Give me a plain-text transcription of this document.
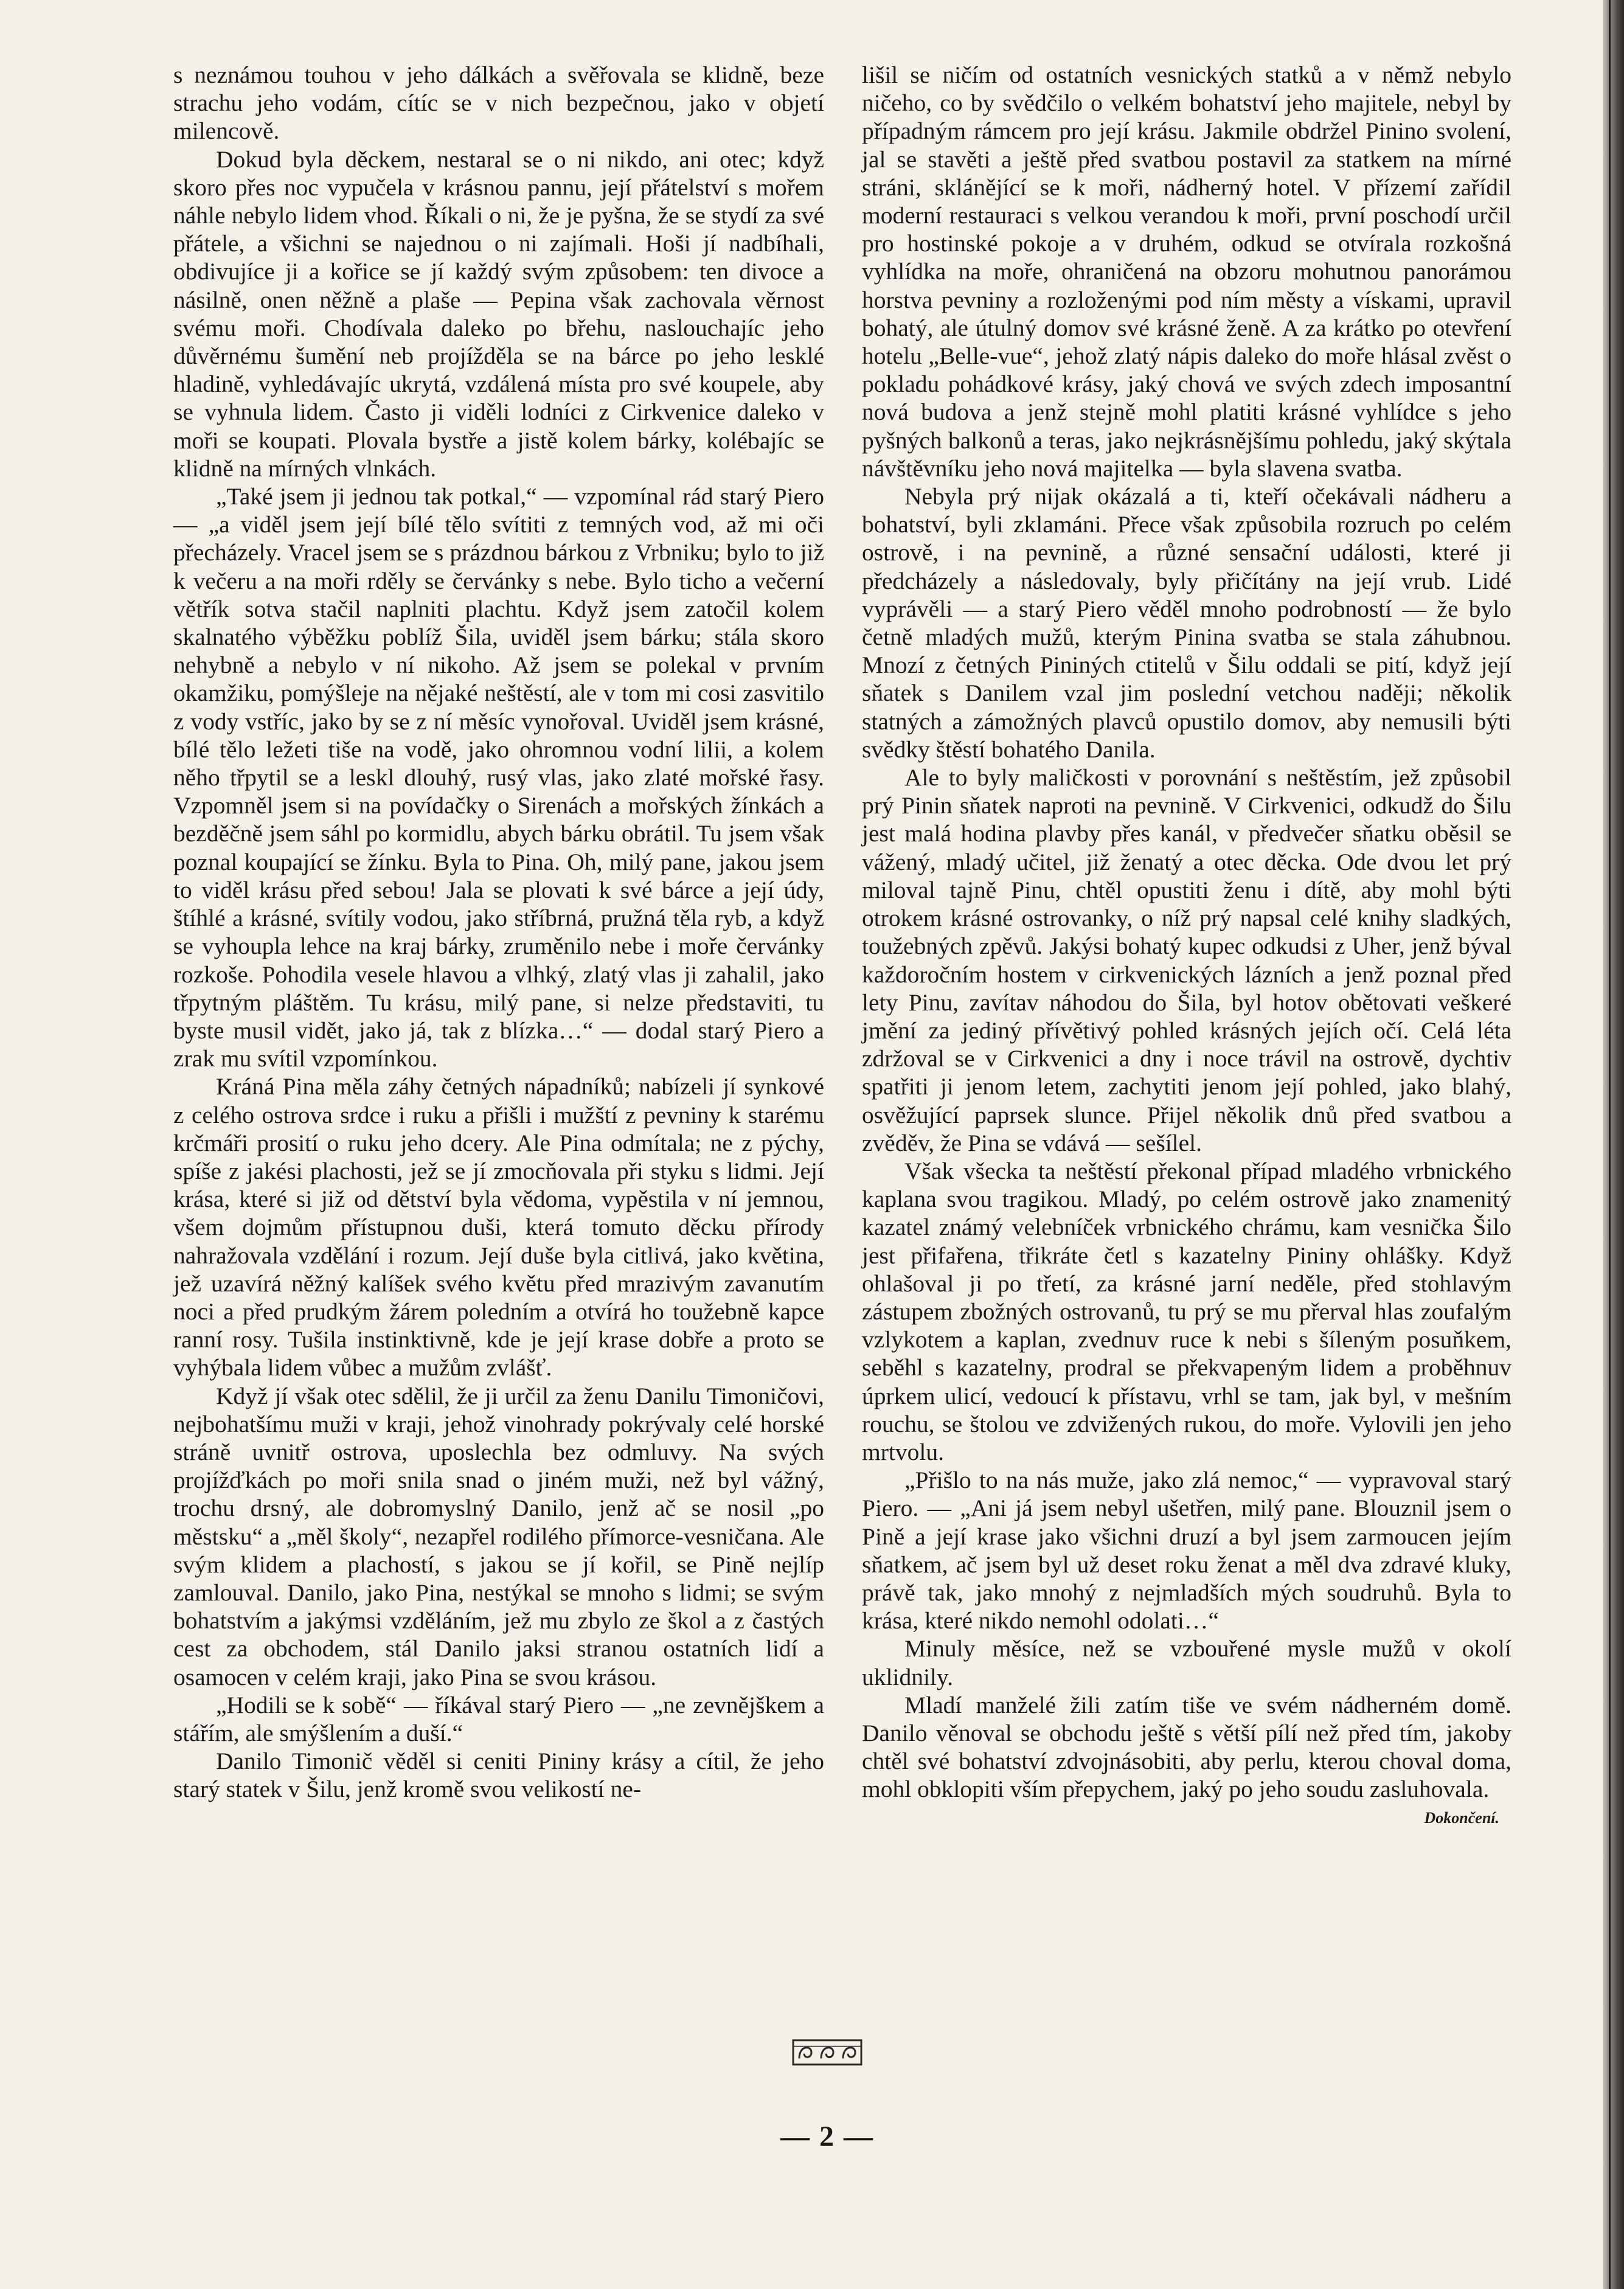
s neznámou touhou v jeho dálkách a svěřovala se klidně, beze strachu jeho vodám, cítíc se v nich bezpečnou, jako v objetí milencově.

Dokud byla děckem, nestaral se o ni nikdo, ani otec; když skoro přes noc vypučela v krásnou pannu, její přátelství s mořem náhle nebylo lidem vhod. Říkali o ni, že je pyšna, že se stydí za své přátele, a všichni se najednou o ni zajímali. Hoši jí nadbíhali, obdivujíce ji a kořice se jí každý svým způsobem: ten divoce a násilně, onen něžně a plaše — Pepina však zachovala věrnost svému moři. Chodívala daleko po břehu, naslouchajíc jeho důvěrnému šumění neb projížděla se na bárce po jeho lesklé hladině, vyhledávajíc ukrytá, vzdálená místa pro své koupele, aby se vyhnula lidem. Často ji viděli lodníci z Cirkvenice daleko v moři se koupati. Plovala bystře a jistě kolem bárky, kolébajíc se klidně na mírných vlnkách.

„Také jsem ji jednou tak potkal,“ — vzpomínal rád starý Piero — „a viděl jsem její bílé tělo svítiti z temných vod, až mi oči přecházely. Vracel jsem se s prázdnou bárkou z Vrbniku; bylo to již k večeru a na moři rděly se červánky s nebe. Bylo ticho a večerní větřík sotva stačil naplniti plachtu. Když jsem zatočil kolem skalnatého výběžku poblíž Šila, uviděl jsem bárku; stála skoro nehybně a nebylo v ní nikoho. Až jsem se polekal v prvním okamžiku, pomýšleje na nějaké neštěstí, ale v tom mi cosi zasvitilo z vody vstříc, jako by se z ní měsíc vynořoval. Uviděl jsem krásné, bílé tělo ležeti tiše na vodě, jako ohromnou vodní lilii, a kolem něho třpytil se a leskl dlouhý, rusý vlas, jako zlaté mořské řasy. Vzpomněl jsem si na povídačky o Sirenách a mořských žínkách a bezděčně jsem sáhl po kormidlu, abych bárku obrátil. Tu jsem však poznal koupající se žínku. Byla to Pina. Oh, milý pane, jakou jsem to viděl krásu před sebou! Jala se plovati k své bárce a její údy, štíhlé a krásné, svítily vodou, jako stříbrná, pružná těla ryb, a když se vyhoupla lehce na kraj bárky, zruměnilo nebe i moře červánky rozkoše. Pohodila vesele hlavou a vlhký, zlatý vlas ji zahalil, jako třpytným pláštěm. Tu krásu, milý pane, si nelze představiti, tu byste musil vidět, jako já, tak z blízka…“ — dodal starý Piero a zrak mu svítil vzpomínkou.

Kráná Pina měla záhy četných nápadníků; nabízeli jí synkové z celého ostrova srdce i ruku a přišli i mužští z pevniny k starému krčmáři prosití o ruku jeho dcery. Ale Pina odmítala; ne z pýchy, spíše z jakési plachosti, jež se jí zmocňovala při styku s lidmi. Její krása, které si již od dětství byla vědoma, vypěstila v ní jemnou, všem dojmům přístupnou duši, která tomuto děcku přírody nahražovala vzdělání i rozum. Její duše byla citlivá, jako květina, jež uzavírá něžný kalíšek svého květu před mrazivým zavanutím noci a před prudkým žárem poledním a otvírá ho toužebně kapce ranní rosy. Tušila instinktivně, kde je její krase dobře a proto se vyhýbala lidem vůbec a mužům zvlášť.

Když jí však otec sdělil, že ji určil za ženu Danilu Timoničovi, nejbohatšímu muži v kraji, jehož vinohrady pokrývaly celé horské stráně uvnitř ostrova, uposlechla bez odmluvy. Na svých projížďkách po moři snila snad o jiném muži, než byl vážný, trochu drsný, ale dobromyslný Danilo, jenž ač se nosil „po městsku“ a „měl školy“, nezapřel rodilého přímorce-vesničana. Ale svým klidem a plachostí, s jakou se jí kořil, se Pině nejlíp zamlouval. Danilo, jako Pina, nestýkal se mnoho s lidmi; se svým bohatstvím a jakýmsi vzděláním, jež mu zbylo ze škol a z častých cest za obchodem, stál Danilo jaksi stranou ostatních lidí a osamocen v celém kraji, jako Pina se svou krásou.

„Hodili se k sobě“ — říkával starý Piero — „ne zevnějškem a stářím, ale smýšlením a duší.“

Danilo Timonič věděl si ceniti Pininy krásy a cítil, že jeho starý statek v Šilu, jenž kromě svou velikostí ne-

lišil se ničím od ostatních vesnických statků a v němž nebylo ničeho, co by svědčilo o velkém bohatství jeho majitele, nebyl by případným rámcem pro její krásu. Jakmile obdržel Pinino svolení, jal se stavěti a ještě před svatbou postavil za statkem na mírné stráni, sklánějící se k moři, nádherný hotel. V přízemí zařídil moderní restauraci s velkou verandou k moři, první poschodí určil pro hostinské pokoje a v druhém, odkud se otvírala rozkošná vyhlídka na moře, ohraničená na obzoru mohutnou panorámou horstva pevniny a rozloženými pod ním městy a vískami, upravil bohatý, ale útulný domov své krásné ženě. A za krátko po otevření hotelu „Belle-vue“, jehož zlatý nápis daleko do moře hlásal zvěst o pokladu pohádkové krásy, jaký chová ve svých zdech imposantní nová budova a jenž stejně mohl platiti krásné vyhlídce s jeho pyšných balkonů a teras, jako nejkrásnějšímu pohledu, jaký skýtala návštěvníku jeho nová majitelka — byla slavena svatba.

Nebyla prý nijak okázalá a ti, kteří očekávali nádheru a bohatství, byli zklamáni. Přece však způsobila rozruch po celém ostrově, i na pevnině, a různé sensační události, které ji předcházely a následovaly, byly přičítány na její vrub. Lidé vyprávěli — a starý Piero věděl mnoho podrobností — že bylo četně mladých mužů, kterým Pinina svatba se stala záhubnou. Mnozí z četných Pininých ctitelů v Šilu oddali se pití, když její sňatek s Danilem vzal jim poslední vetchou naději; několik statných a zámožných plavců opustilo domov, aby nemusili býti svědky štěstí bohatého Danila.

Ale to byly maličkosti v porovnání s neštěstím, jež způsobil prý Pinin sňatek naproti na pevnině. V Cirkvenici, odkudž do Šilu jest malá hodina plavby přes kanál, v předvečer sňatku oběsil se vážený, mladý učitel, již ženatý a otec děcka. Ode dvou let prý miloval tajně Pinu, chtěl opustiti ženu i dítě, aby mohl býti otrokem krásné ostrovanky, o níž prý napsal celé knihy sladkých, toužebných zpěvů. Jakýsi bohatý kupec odkudsi z Uher, jenž býval každoročním hostem v cirkvenických lázních a jenž poznal před lety Pinu, zavítav náhodou do Šila, byl hotov obětovati veškeré jmění za jediný přívětivý pohled krásných jejích očí. Celá léta zdržoval se v Cirkvenici a dny i noce trávil na ostrově, dychtiv spatřiti ji jenom letem, zachytiti jenom její pohled, jako blahý, osvěžující paprsek slunce. Přijel několik dnů před svatbou a zvěděv, že Pina se vdává — sešílel.

Však všecka ta neštěstí překonal případ mladého vrbnického kaplana svou tragikou. Mladý, po celém ostrově jako znamenitý kazatel známý velebníček vrbnického chrámu, kam vesnička Šilo jest přifařena, třikráte četl s kazatelny Pininy ohlášky. Když ohlašoval ji po třetí, za krásné jarní neděle, před stohlavým zástupem zbožných ostrovanů, tu prý se mu přerval hlas zoufalým vzlykotem a kaplan, zvednuv ruce k nebi s šíleným posuňkem, seběhl s kazatelny, prodral se překvapeným lidem a proběhnuv úprkem ulicí, vedoucí k přístavu, vrhl se tam, jak byl, v mešním rouchu, se štolou ve zdvižených rukou, do moře. Vylovili jen jeho mrtvolu.

„Přišlo to na nás muže, jako zlá nemoc,“ — vypravoval starý Piero. — „Ani já jsem nebyl ušetřen, milý pane. Blouznil jsem o Pině a její krase jako všichni druzí a byl jsem zarmoucen jejím sňatkem, ač jsem byl už deset roku ženat a měl dva zdravé kluky, právě tak, jako mnohý z nejmladších mých soudruhů. Byla to krása, které nikdo nemohl odolati…“

Minuly měsíce, než se vzbouřené mysle mužů v okolí uklidnily.

Mladí manželé žili zatím tiše ve svém nádherném domě. Danilo věnoval se obchodu ještě s větší pílí než před tím, jakoby chtěl své bohatství zdvojnásobiti, aby perlu, kterou choval doma, mohl obklopiti vším přepychem, jaký po jeho soudu zasluhovala.

Dokončení.
— 2 —
